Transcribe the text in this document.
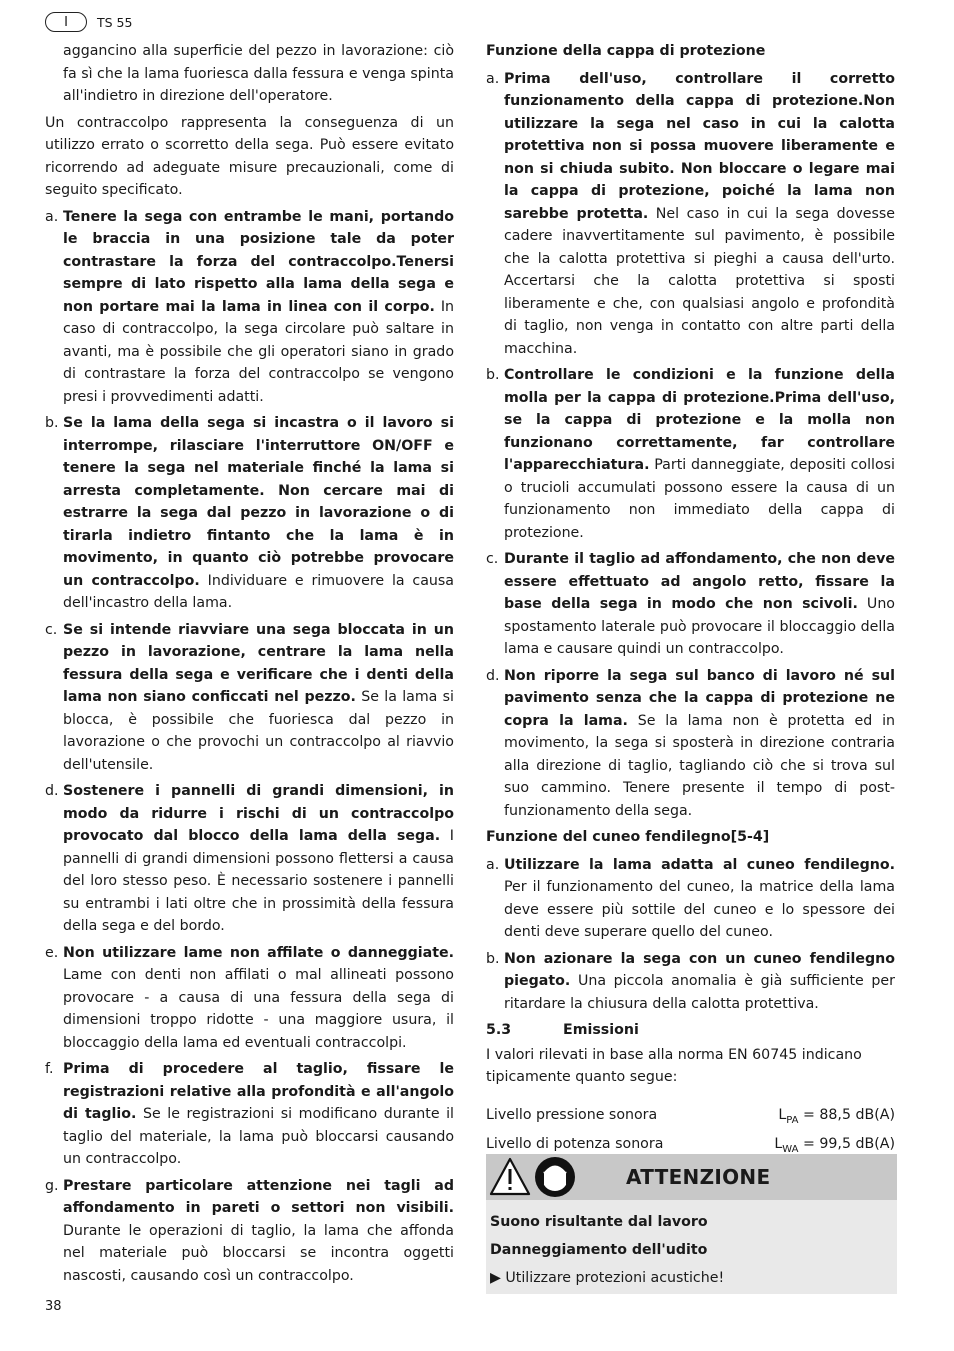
I	TS 55

aggancino alla superficie del pezzo in lavorazione: ciò fa sì che la lama fuoriesca dalla fessura e venga spinta all'indietro in direzione dell'operatore.

Un contraccolpo rappresenta la conseguenza di un utilizzo errato o scorretto della sega. Può essere evitato ricorrendo ad adeguate misure precauzionali, come di seguito specificato.

a. Tenere la sega con entrambe le mani, portando le braccia in una posizione tale da poter contrastare la forza del contraccolpo.Tenersi sempre di lato rispetto alla lama della sega e non portare mai la lama in linea con il corpo. In caso di contraccolpo, la sega circolare può saltare in avanti, ma è possibile che gli operatori siano in grado di contrastare la forza del contraccolpo se vengono presi i provvedimenti adatti.
b. Se la lama della sega si incastra o il lavoro si interrompe, rilasciare l'interruttore ON/OFF e tenere la sega nel materiale finché la lama si arresta completamente. Non cercare mai di estrarre la sega dal pezzo in lavorazione o di tirarla indietro fintanto che la lama è in movimento, in quanto ciò potrebbe provocare un contraccolpo. Individuare e rimuovere la causa dell'incastro della lama.
c. Se si intende riavviare una sega bloccata in un pezzo in lavorazione, centrare la lama nella fessura della sega e verificare che i denti della lama non siano conficcati nel pezzo. Se la lama si blocca, è possibile che fuoriesca dal pezzo in lavorazione o che provochi un contraccolpo al riavvio dell'utensile.
d. Sostenere i pannelli di grandi dimensioni, in modo da ridurre i rischi di un contraccolpo provocato dal blocco della lama della sega. I pannelli di grandi dimensioni possono flettersi a causa del loro stesso peso. È necessario sostenere i pannelli su entrambi i lati oltre che in prossimità della fessura della sega e del bordo.
e. Non utilizzare lame non affilate o danneggiate. Lame con denti non affilati o mal allineati possono provocare - a causa di una fessura della sega di dimensioni troppo ridotte - una maggiore usura, il bloccaggio della lama ed eventuali contraccolpi.
f. Prima di procedere al taglio, fissare le registrazioni relative alla profondità e all'angolo di taglio. Se le registrazioni si modificano durante il taglio del materiale, la lama può bloccarsi causando un contraccolpo.
g. Prestare particolare attenzione nei tagli ad affondamento in pareti o settori non visibili. Durante le operazioni di taglio, la lama che affonda nel materiale può bloccarsi se incontra oggetti nascosti, causando così un contraccolpo.
Funzione della cappa di protezione
a. Prima dell'uso, controllare il corretto funzionamento della cappa di protezione.Non utilizzare la sega nel caso in cui la calotta protettiva non si possa muovere liberamente e non si chiuda subito. Non bloccare o legare mai la cappa di protezione, poiché la lama non sarebbe protetta. Nel caso in cui la sega dovesse cadere inavvertitamente sul pavimento, è possibile che la calotta protettiva si pieghi a causa dell'urto. Accertarsi che la calotta protettiva si sposti liberamente e che, con qualsiasi angolo e profondità di taglio, non venga in contatto con altre parti della macchina.
b. Controllare le condizioni e la funzione della molla per la cappa di protezione.Prima dell'uso, se la cappa di protezione e la molla non funzionano correttamente, far controllare l'apparecchiatura. Parti danneggiate, depositi collosi o trucioli accumulati possono essere la causa di un funzionamento non immediato della cappa di protezione.
c. Durante il taglio ad affondamento, che non deve essere effettuato ad angolo retto, fissare la base della sega in modo che non scivoli. Uno spostamento laterale può provocare il bloccaggio della lama e causare quindi un contraccolpo.
d. Non riporre la sega sul banco di lavoro né sul pavimento senza che la cappa di protezione ne copra la lama. Se la lama non è protetta ed in movimento, la sega si sposterà in direzione contraria alla direzione di taglio, tagliando ciò che si trova sul suo cammino. Tenere presente il tempo di post-funzionamento della sega.
Funzione del cuneo fendilegno[5-4]
a. Utilizzare la lama adatta al cuneo fendilegno. Per il funzionamento del cuneo, la matrice della lama deve essere più sottile del cuneo e lo spessore dei denti deve superare quello del cuneo.
b. Non azionare la sega con un cuneo fendilegno piegato. Una piccola anomalia è già sufficiente per ritardare la chiusura della calotta protettiva.
5.3	Emissioni

I valori rilevati in base alla norma EN 60745 indicano tipicamente quanto segue:

Livello pressione sonora	$L_{PA} = 88,5$ dB(A)
Livello di potenza sonora	$L_{WA} = 99,5$ dB(A)
ATTENZIONE
Suono risultante dal lavoro
Danneggiamento dell'udito
▶ Utilizzare protezioni acustiche!
38
